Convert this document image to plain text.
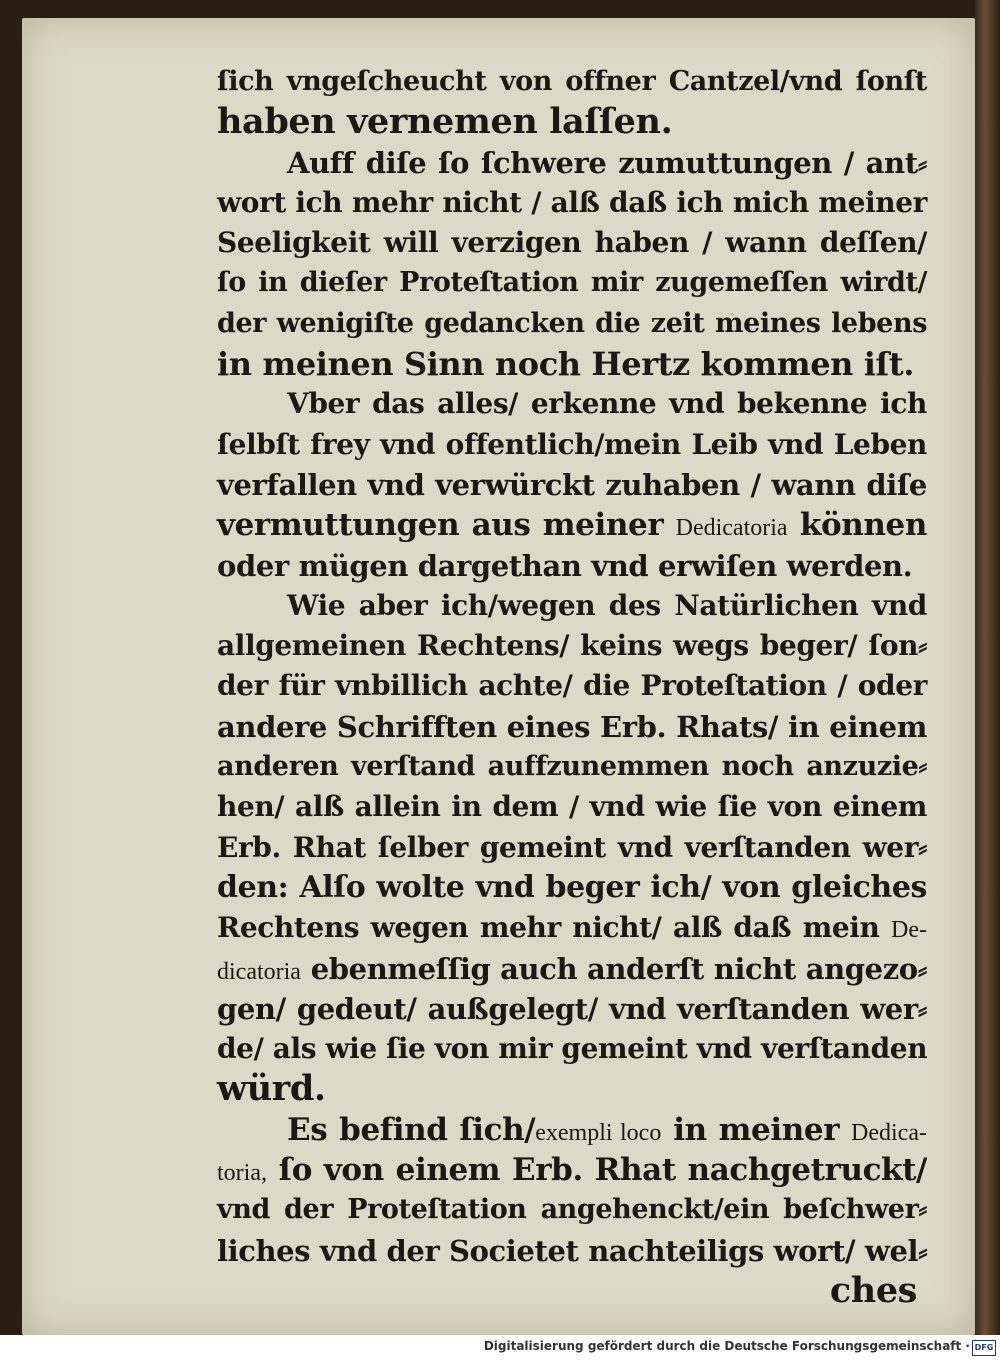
ſich vngeſcheucht von offner Cantzel/vnd ſonſt
haben vernemen laſſen.
Auff diſe ſo ſchwere zumuttungen / ant⸗
wort ich mehr nicht / alß daß ich mich meiner
Seeligkeit will verzigen haben / wann deſſen/
ſo in dieſer Proteſtation mir zugemeſſen wirdt/
der wenigiſte gedancken die zeit meines lebens
in meinen Sinn noch Hertz kommen iſt.
Vber das alles/ erkenne vnd bekenne ich
ſelbſt frey vnd offentlich/mein Leib vnd Leben
verfallen vnd verwürckt zuhaben / wann diſe
vermuttungen aus meiner Dedicatoria können
oder mügen dargethan vnd erwiſen werden.
Wie aber ich/wegen des Natürlichen vnd
allgemeinen Rechtens/ keins wegs beger/ ſon⸗
der für vnbillich achte/ die Proteſtation / oder
andere Schrifften eines Erb. Rhats/ in einem
anderen verſtand auffzunemmen noch anzuzie⸗
hen/ alß allein in dem / vnd wie ſie von einem
Erb. Rhat ſelber gemeint vnd verſtanden wer⸗
den: Alſo wolte vnd beger ich/ von gleiches
Rechtens wegen mehr nicht/ alß daß mein De-
dicatoria ebenmeſſig auch anderſt nicht angezo⸗
gen/ gedeut/ außgelegt/ vnd verſtanden wer⸗
de/ als wie ſie von mir gemeint vnd verſtanden
würd.
Es befind ſich/exempli loco in meiner Dedica-
toria, ſo von einem Erb. Rhat nachgetruckt/
vnd der Proteſtation angehenckt/ein beſchwer⸗
liches vnd der Societet nachteiligs wort/ wel⸗
ches
Digitalisierung gefördert durch die Deutsche Forschungsgemeinschaft · DFG
